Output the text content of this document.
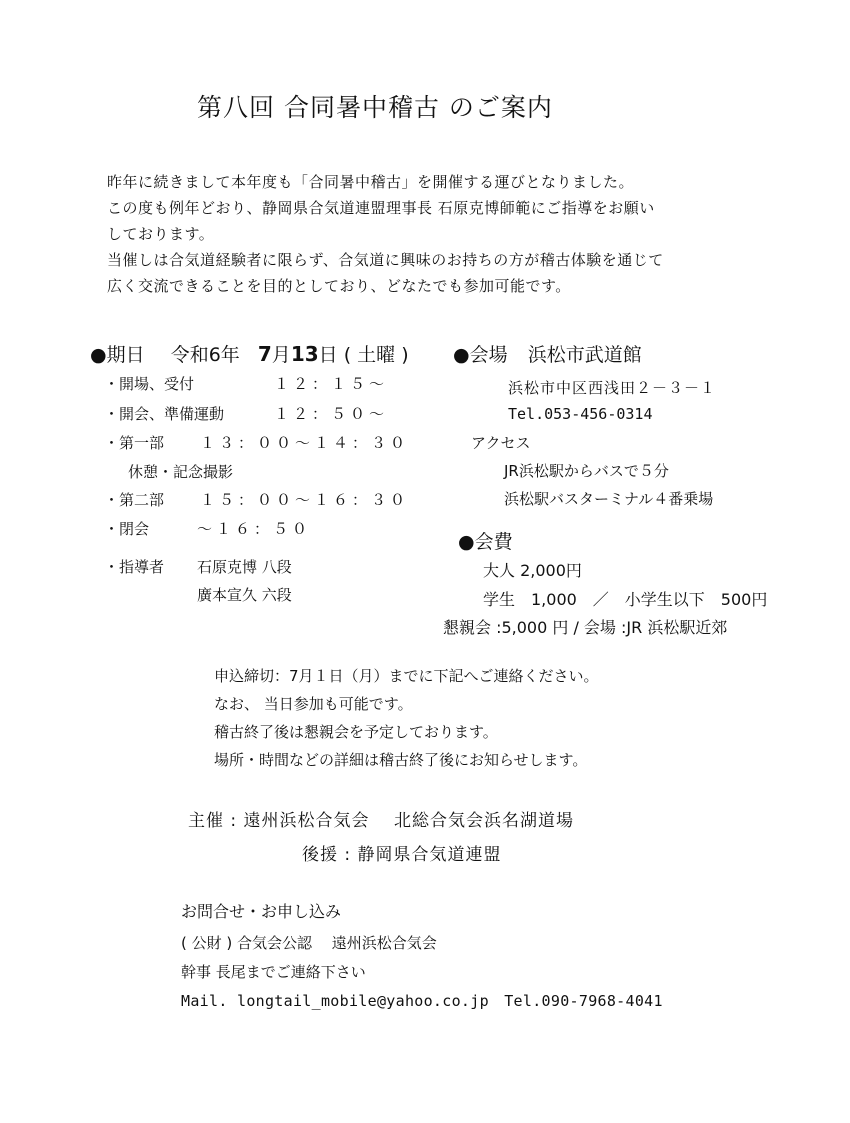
第八回 合同暑中稽古 のご案内
昨年に続きまして本年度も「合同暑中稽古」を開催する運びとなりました。
この度も例年どおり、静岡県合気道連盟理事長 石原克博師範にご指導をお願い
しております。
当催しは合気道経験者に限らず、合気道に興味のお持ちの方が稽古体験を通じて
広く交流できることを目的としており、どなたでも参加可能です。
●期日 令和6年 7月13日 ( 土曜 ) ●会場 浜松市武道館
・開場、受付	１２：１５～
・開会、準備運動	１２：５０～
・第一部 １３：００～１４：３０
休憩・記念撮影
・第二部 １５：００～１６：３０
・閉会	～１６：５０
・指導者 石原克博 八段
廣本宣久 六段
浜松市中区西浅田２－３－１
Tel.053-456-0314
アクセス
JR浜松駅からバスで５分
浜松駅バスターミナル４番乗場
●会費
大人 2,000円
学生　1,000　／　小学生以下　500円
懇親会 :5,000 円 / 会場 :JR 浜松駅近郊
申込締切：7月１日（月）までに下記へご連絡ください。
なお、 当日参加も可能です。
稽古終了後は懇親会を予定しております。
場所・時間などの詳細は稽古終了後にお知らせします。
主催 : 遠州浜松合気会　 北総合気会浜名湖道場
後援 : 静岡県合気道連盟
お問合せ・お申し込み
( 公財 ) 合気会公認　 遠州浜松合気会
幹事 長尾までご連絡下さい
Mail. longtail_mobile@yahoo.co.jp　Tel.090-7968-4041
